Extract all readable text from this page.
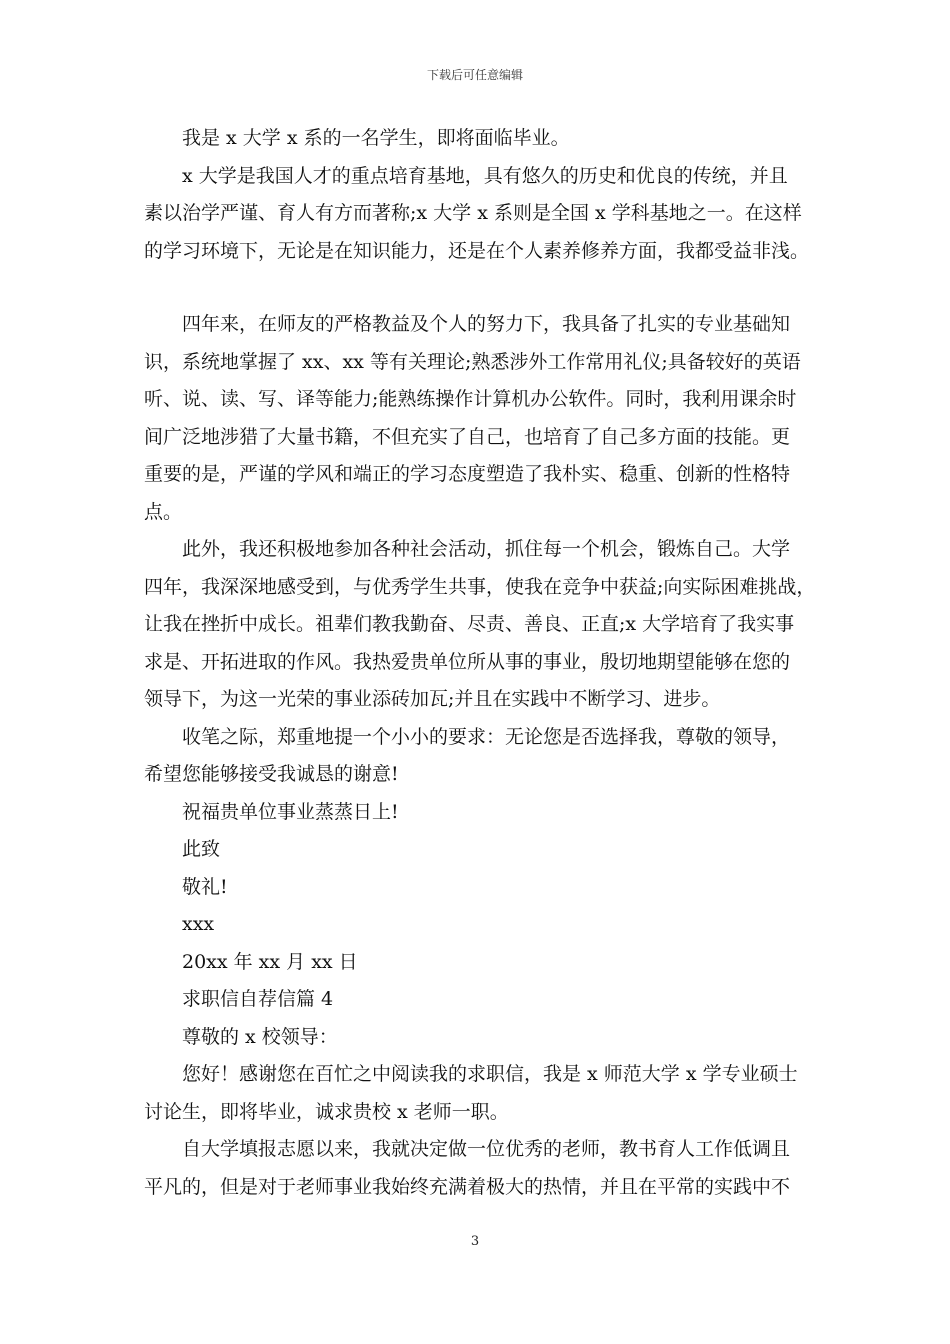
下载后可任意编辑
我是 x 大学 x 系的一名学生，即将面临毕业。
x 大学是我国人才的重点培育基地，具有悠久的历史和优良的传统，并且
素以治学严谨、育人有方而著称;x 大学 x 系则是全国 x 学科基地之一。在这样
的学习环境下，无论是在知识能力，还是在个人素养修养方面，我都受益非浅。
四年来，在师友的严格教益及个人的努力下，我具备了扎实的专业基础知
识，系统地掌握了 xx、xx 等有关理论;熟悉涉外工作常用礼仪;具备较好的英语
听、说、读、写、译等能力;能熟练操作计算机办公软件。同时，我利用课余时
间广泛地涉猎了大量书籍，不但充实了自己，也培育了自己多方面的技能。更
重要的是，严谨的学风和端正的学习态度塑造了我朴实、稳重、创新的性格特
点。
此外，我还积极地参加各种社会活动，抓住每一个机会，锻炼自己。大学
四年，我深深地感受到，与优秀学生共事，使我在竞争中获益;向实际困难挑战，
让我在挫折中成长。祖辈们教我勤奋、尽责、善良、正直;x 大学培育了我实事
求是、开拓进取的作风。我热爱贵单位所从事的事业，殷切地期望能够在您的
领导下，为这一光荣的事业添砖加瓦;并且在实践中不断学习、进步。
收笔之际，郑重地提一个小小的要求：无论您是否选择我，尊敬的领导，
希望您能够接受我诚恳的谢意!
祝福贵单位事业蒸蒸日上!
此致
敬礼!
xxx
20xx 年 xx 月 xx 日
求职信自荐信篇 4
尊敬的 x 校领导：
您好！感谢您在百忙之中阅读我的求职信，我是 x 师范大学 x 学专业硕士
讨论生，即将毕业，诚求贵校 x 老师一职。
自大学填报志愿以来，我就决定做一位优秀的老师，教书育人工作低调且
平凡的，但是对于老师事业我始终充满着极大的热情，并且在平常的实践中不
3
